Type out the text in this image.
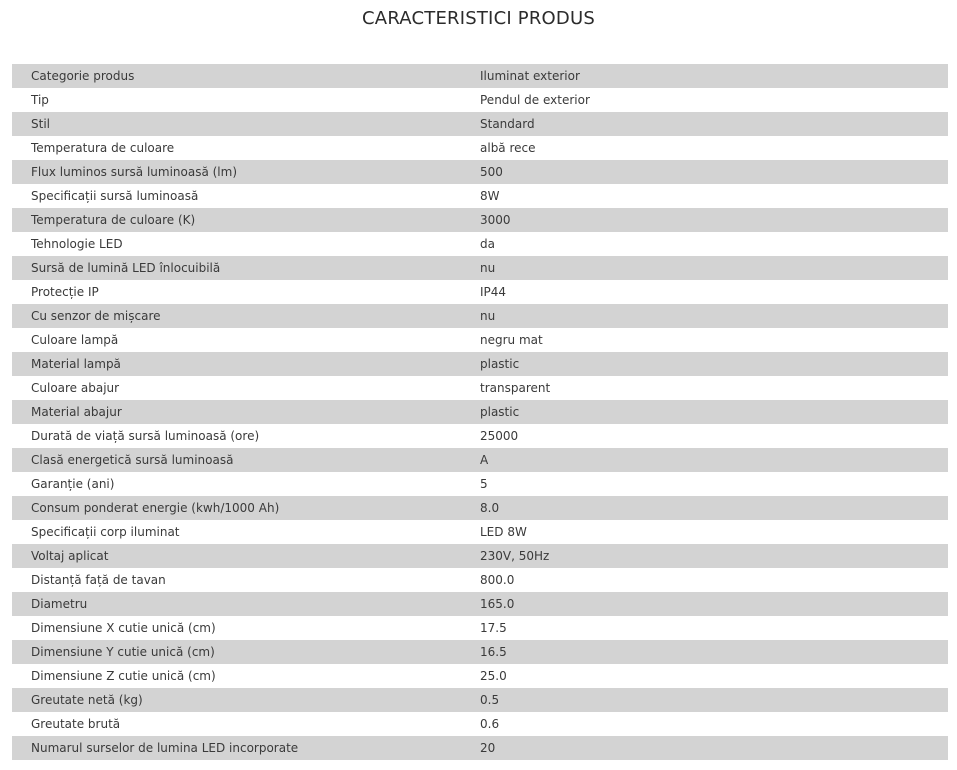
CARACTERISTICI PRODUS
Categorie produs	Iluminat exterior
Tip	Pendul de exterior
Stil	Standard
Temperatura de culoare	albă rece
Flux luminos sursă luminoasă (lm)	500
Specificații sursă luminoasă	8W
Temperatura de culoare (K)	3000
Tehnologie LED	da
Sursă de lumină LED înlocuibilă	nu
Protecție IP	IP44
Cu senzor de mișcare	nu
Culoare lampă	negru mat
Material lampă	plastic
Culoare abajur	transparent
Material abajur	plastic
Durată de viață sursă luminoasă (ore)	25000
Clasă energetică sursă luminoasă	A
Garanție (ani)	5
Consum ponderat energie (kwh/1000 Ah)	8.0
Specificații corp iluminat	LED 8W
Voltaj aplicat	230V, 50Hz
Distanță față de tavan	800.0
Diametru	165.0
Dimensiune X cutie unică (cm)	17.5
Dimensiune Y cutie unică (cm)	16.5
Dimensiune Z cutie unică (cm)	25.0
Greutate netă (kg)	0.5
Greutate brută	0.6
Numarul surselor de lumina LED incorporate	20
